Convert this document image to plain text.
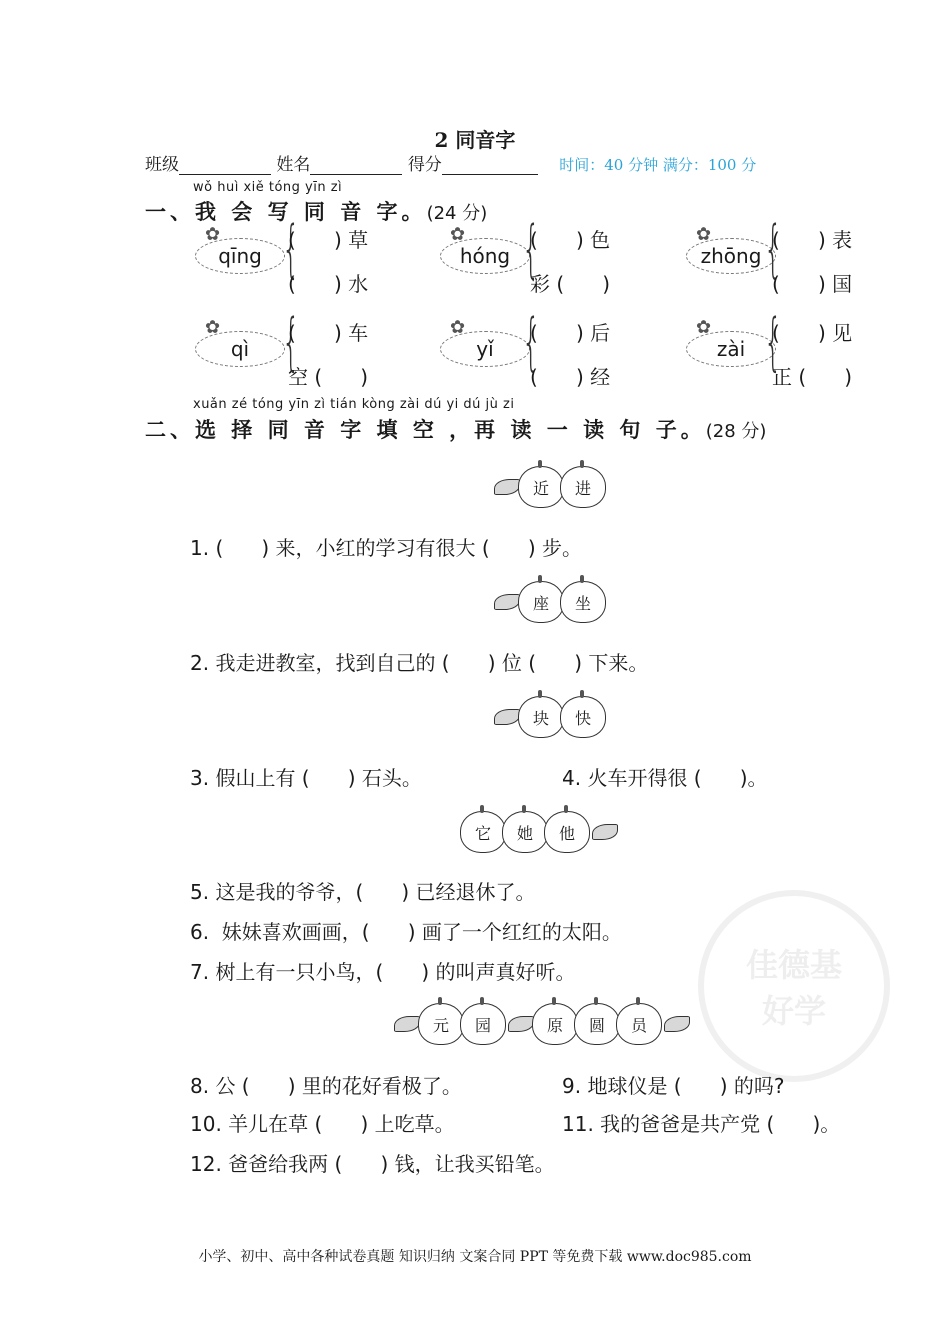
2 同音字
班级	姓名	得分	时间：40 分钟 满分：100 分
佳德基
好学
wǒ huì xiě tóng yīn zì
一、我 会 写 同 音 字。(24 分)
qīng	hóng	zhōng
qì	yǐ	zài
✿	✿	✿
✿	✿	✿
{	{	{
{	{	{
(      ) 草
(      ) 水
(      ) 色
彩 (      )
(      ) 表
(      ) 国
(      ) 车
空 (      )
(      ) 后
(      ) 经
(      ) 见
正 (      )
xuǎn zé tóng yīn zì tián kòng zài dú yi dú jù zi
二、选 择 同 音 字 填 空 ，再 读 一 读 句 子。(28 分)
近	进
1. (      ) 来，小红的学习有很大 (      ) 步。
座	坐
2. 我走进教室，找到自己的 (      ) 位 (      ) 下来。
块	快
3. 假山上有 (      ) 石头。	4. 火车开得很 (      )。
它	她	他
5. 这是我的爷爷，(      ) 已经退休了。
6.  妹妹喜欢画画，(      ) 画了一个红红的太阳。
7. 树上有一只小鸟，(      ) 的叫声真好听。
元	园	原	圆	员
8. 公 (      ) 里的花好看极了。	9. 地球仪是 (      ) 的吗?
10. 羊儿在草 (      ) 上吃草。	11. 我的爸爸是共产党 (      )。
12. 爸爸给我两 (      ) 钱，让我买铅笔。
小学、初中、高中各种试卷真题 知识归纳 文案合同 PPT 等免费下载 www.doc985.com
